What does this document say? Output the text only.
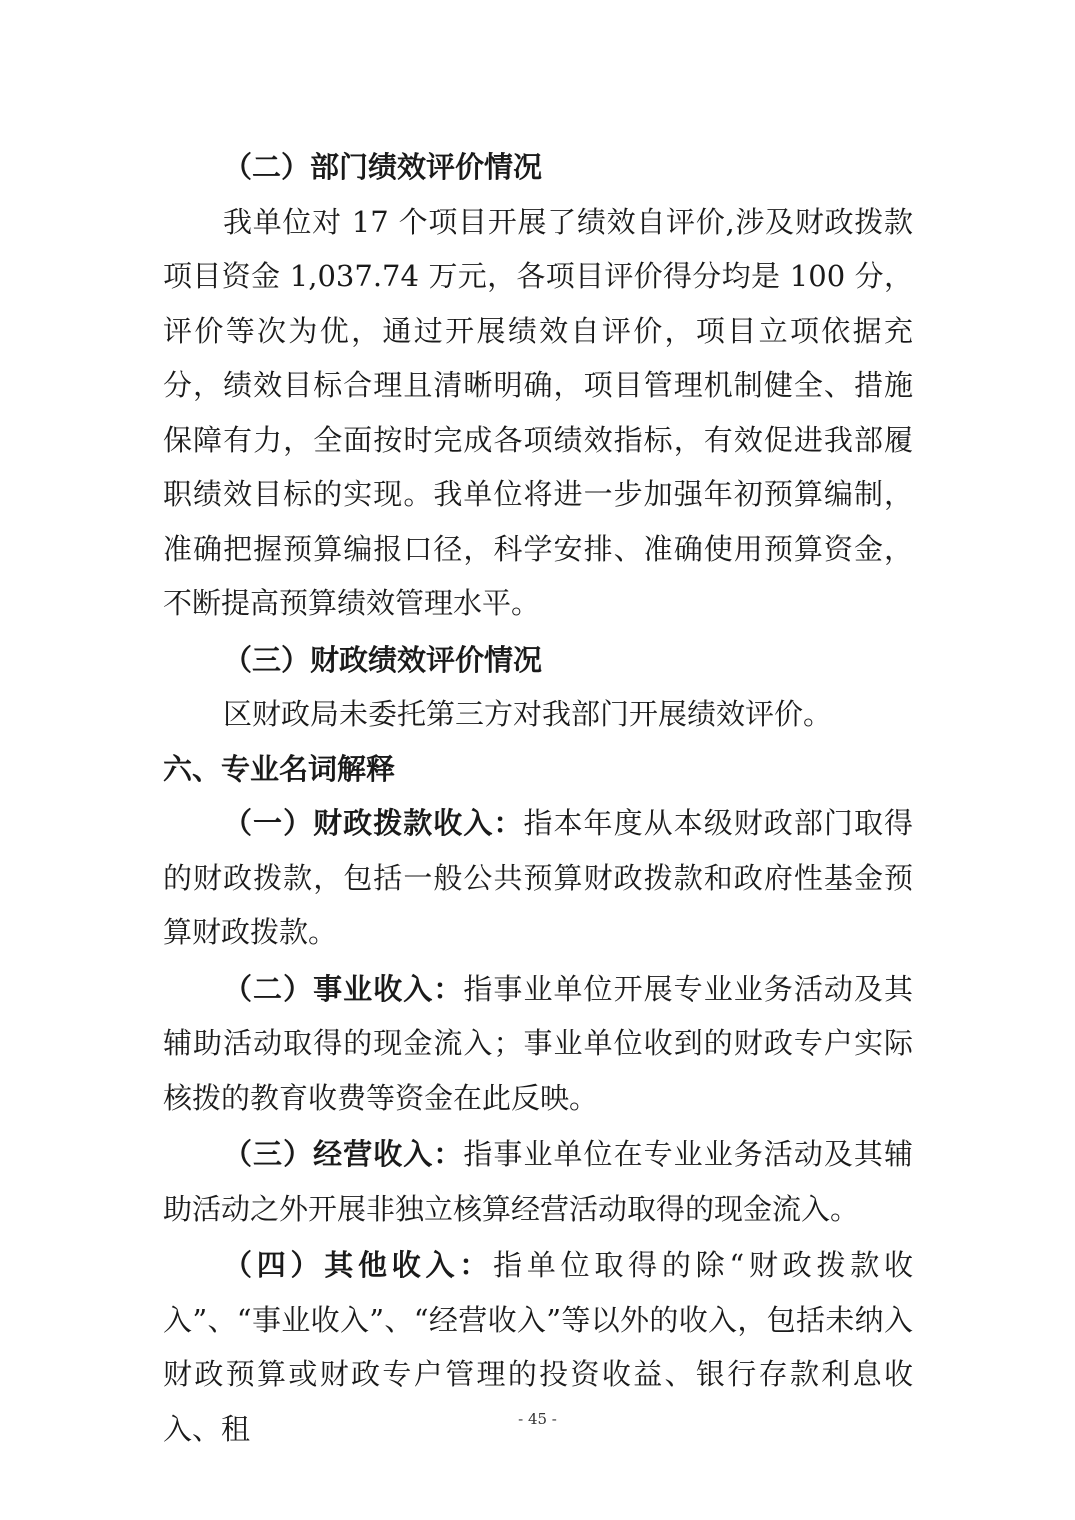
（二）部门绩效评价情况

我单位对 17 个项目开展了绩效自评价,涉及财政拨款项目资金 1,037.74 万元，各项目评价得分均是 100 分，评价等次为优，通过开展绩效自评价，项目立项依据充分，绩效目标合理且清晰明确，项目管理机制健全、措施保障有力，全面按时完成各项绩效指标，有效促进我部履职绩效目标的实现。我单位将进一步加强年初预算编制，准确把握预算编报口径，科学安排、准确使用预算资金，不断提高预算绩效管理水平。

（三）财政绩效评价情况

区财政局未委托第三方对我部门开展绩效评价。

六、专业名词解释

（一）财政拨款收入：指本年度从本级财政部门取得的财政拨款，包括一般公共预算财政拨款和政府性基金预算财政拨款。

（二）事业收入：指事业单位开展专业业务活动及其辅助活动取得的现金流入；事业单位收到的财政专户实际核拨的教育收费等资金在此反映。

（三）经营收入：指事业单位在专业业务活动及其辅助活动之外开展非独立核算经营活动取得的现金流入。

（四）其他收入：指单位取得的除“财政拨款收入”、“事业收入”、“经营收入”等以外的收入，包括未纳入财政预算或财政专户管理的投资收益、银行存款利息收入、租	- 45 -
